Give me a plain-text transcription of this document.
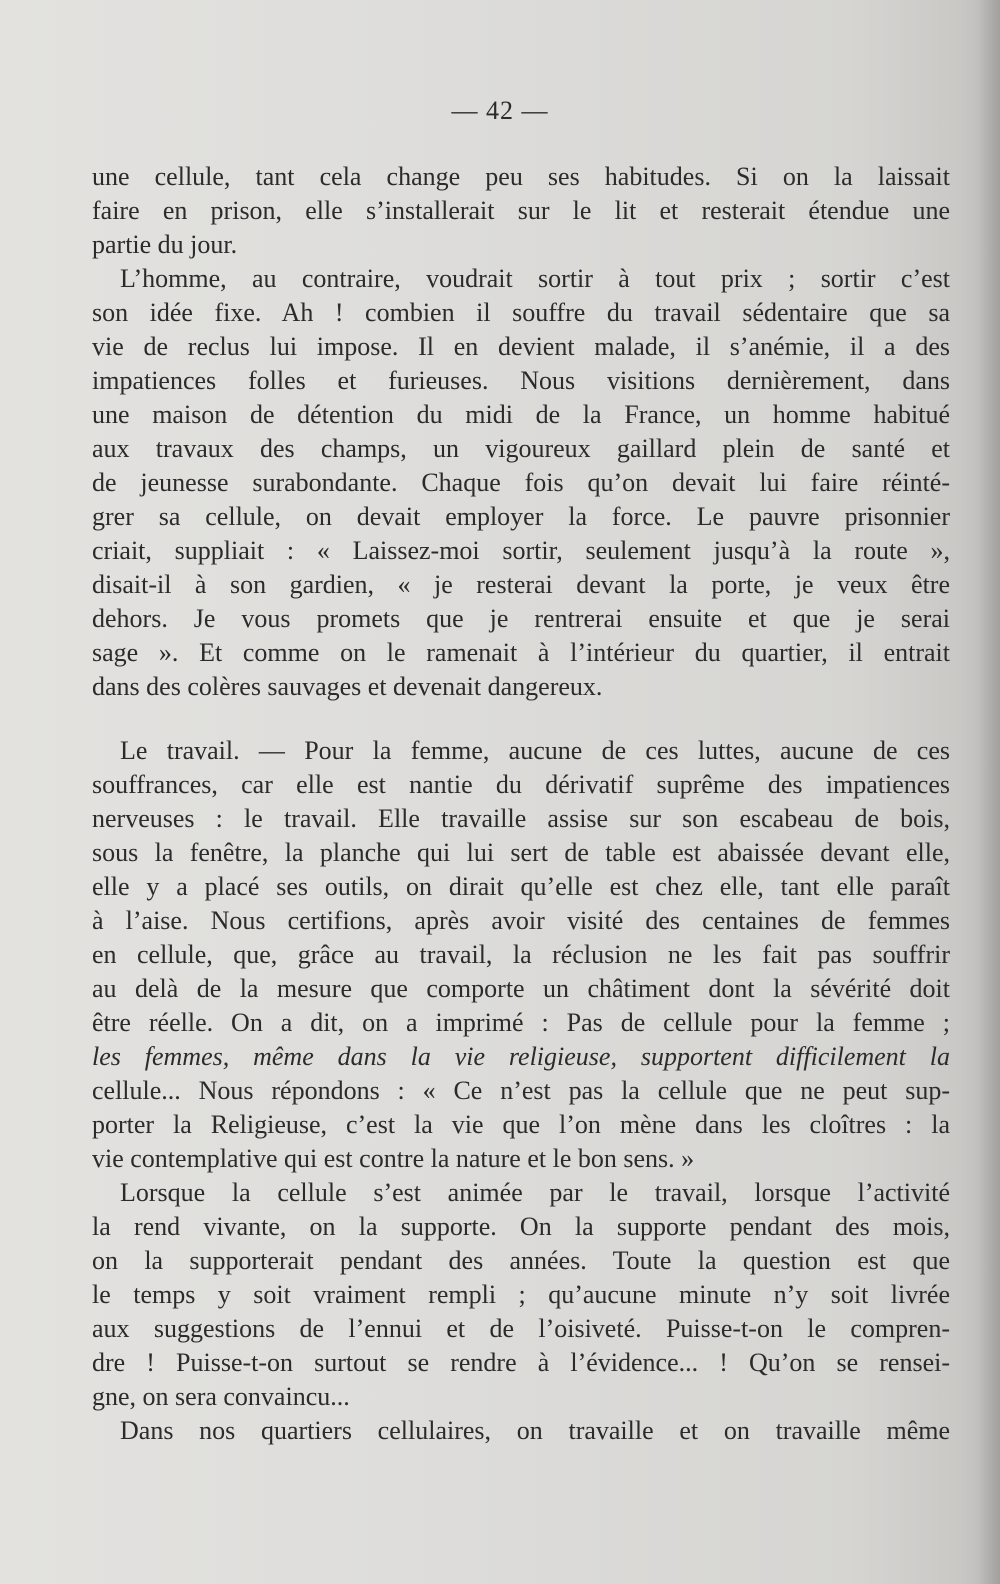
— 42 —

une cellule, tant cela change peu ses habitudes. Si on la laissait
faire en prison, elle s’installerait sur le lit et resterait étendue une
partie du jour.

L’homme, au contraire, voudrait sortir à tout prix ; sortir c’est
son idée fixe. Ah ! combien il souffre du travail sédentaire que sa
vie de reclus lui impose. Il en devient malade, il s’anémie, il a des
impatiences folles et furieuses. Nous visitions dernièrement, dans
une maison de détention du midi de la France, un homme habitué
aux travaux des champs, un vigoureux gaillard plein de santé et
de jeunesse surabondante. Chaque fois qu’on devait lui faire réinté-
grer sa cellule, on devait employer la force. Le pauvre prisonnier
criait, suppliait : « Laissez-moi sortir, seulement jusqu’à la route »,
disait-il à son gardien, « je resterai devant la porte, je veux être
dehors. Je vous promets que je rentrerai ensuite et que je serai
sage ». Et comme on le ramenait à l’intérieur du quartier, il entrait
dans des colères sauvages et devenait dangereux.

Le travail. — Pour la femme, aucune de ces luttes, aucune de ces
souffrances, car elle est nantie du dérivatif suprême des impatiences
nerveuses : le travail. Elle travaille assise sur son escabeau de bois,
sous la fenêtre, la planche qui lui sert de table est abaissée devant elle,
elle y a placé ses outils, on dirait qu’elle est chez elle, tant elle paraît
à l’aise. Nous certifions, après avoir visité des centaines de femmes
en cellule, que, grâce au travail, la réclusion ne les fait pas souffrir
au delà de la mesure que comporte un châtiment dont la sévérité doit
être réelle. On a dit, on a imprimé : Pas de cellule pour la femme ;
les femmes, même dans la vie religieuse, supportent difficilement la
cellule... Nous répondons : « Ce n’est pas la cellule que ne peut sup-
porter la Religieuse, c’est la vie que l’on mène dans les cloîtres : la
vie contemplative qui est contre la nature et le bon sens. »

Lorsque la cellule s’est animée par le travail, lorsque l’activité
la rend vivante, on la supporte. On la supporte pendant des mois,
on la supporterait pendant des années. Toute la question est que
le temps y soit vraiment rempli ; qu’aucune minute n’y soit livrée
aux suggestions de l’ennui et de l’oisiveté. Puisse-t-on le compren-
dre ! Puisse-t-on surtout se rendre à l’évidence... ! Qu’on se rensei-
gne, on sera convaincu...

Dans nos quartiers cellulaires, on travaille et on travaille même
